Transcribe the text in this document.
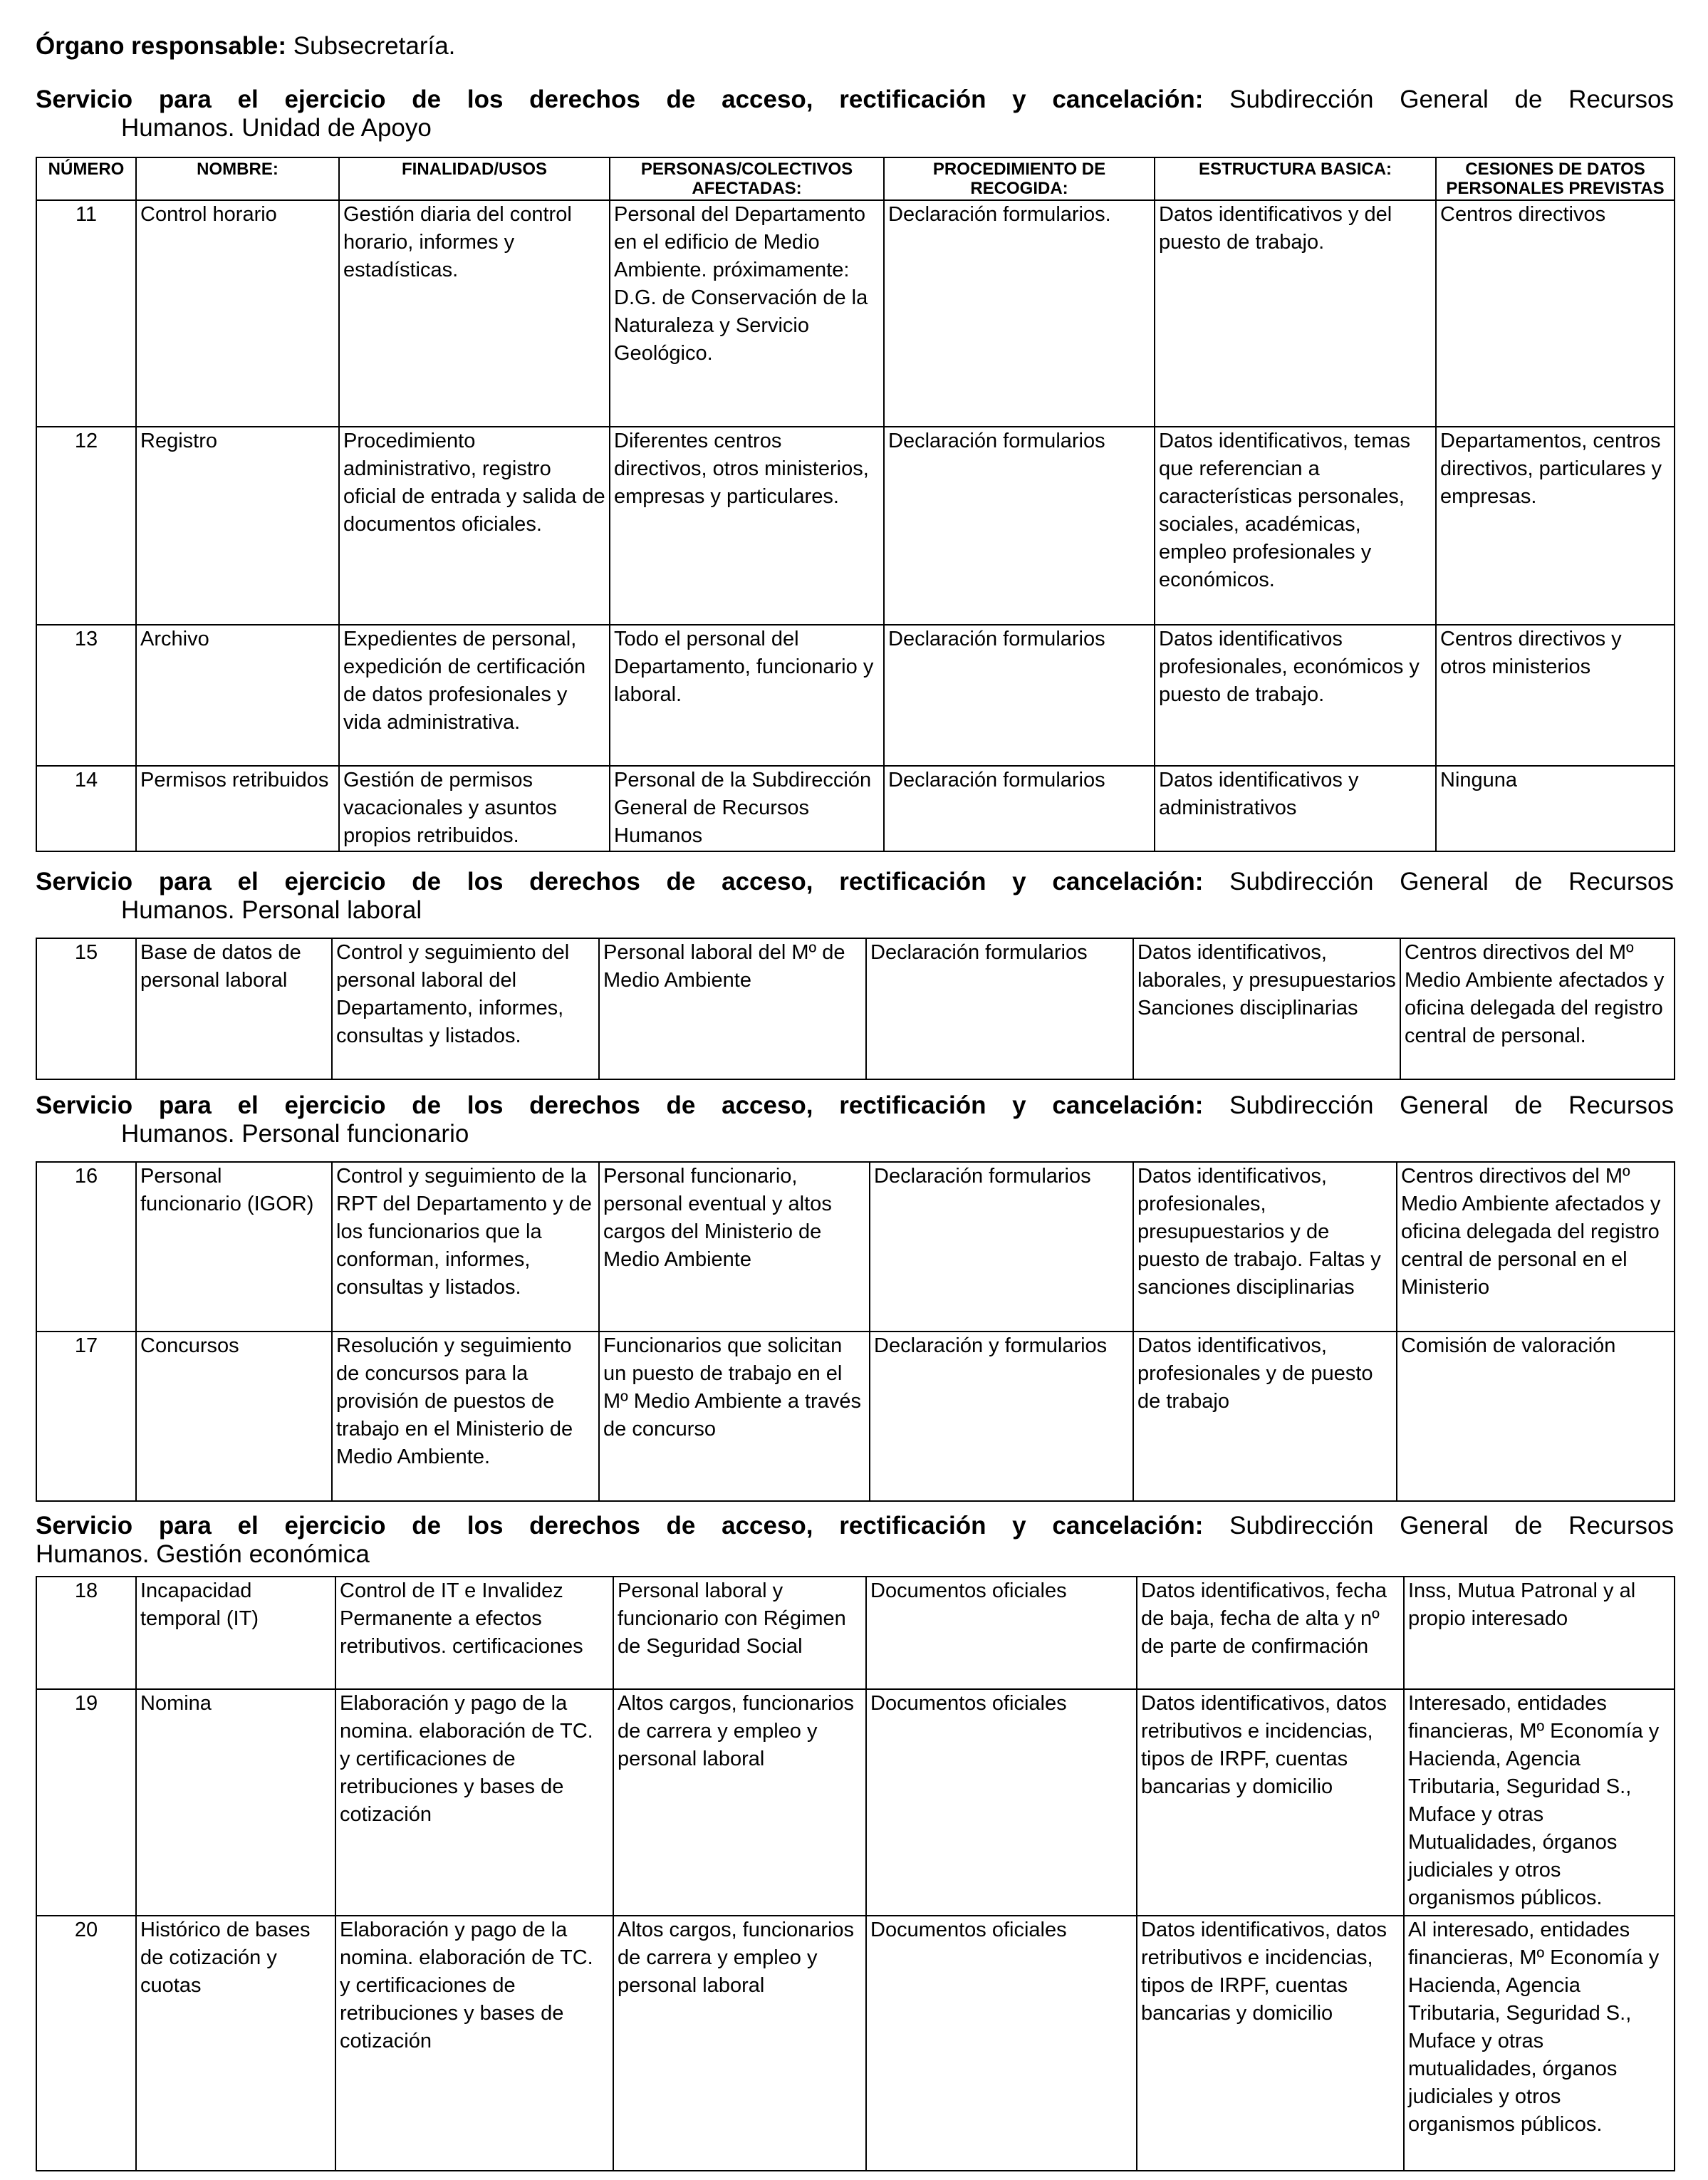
Órgano responsable: Subsecretaría.
Servicio para el ejercicio de los derechos de acceso, rectificación y cancelación: Subdirección General de Recursos
Humanos. Unidad de Apoyo
NÚMERO	NOMBRE:	FINALIDAD/USOS	PERSONAS/COLECTIVOS AFECTADAS:	PROCEDIMIENTO DE RECOGIDA:	ESTRUCTURA BASICA:	CESIONES DE DATOS PERSONALES PREVISTAS
11	Control horario	Gestión diaria del control horario, informes y estadísticas.	Personal del Departamento en el edificio de Medio Ambiente. próximamente: D.G. de Conservación de la Naturaleza y Servicio Geológico.	Declaración formularios.	Datos identificativos y del puesto de trabajo.	Centros directivos
12	Registro	Procedimiento administrativo, registro oficial de entrada y salida de documentos oficiales.	Diferentes centros directivos, otros ministerios, empresas y particulares.	Declaración formularios	Datos identificativos, temas que referencian a características personales, sociales, académicas, empleo profesionales y económicos.	Departamentos, centros directivos, particulares y empresas.
13	Archivo	Expedientes de personal, expedición de certificación de datos profesionales y vida administrativa.	Todo el personal del Departamento, funcionario y laboral.	Declaración formularios	Datos identificativos profesionales, económicos y puesto de trabajo.	Centros directivos y otros ministerios
14	Permisos retribuidos	Gestión de permisos vacacionales y asuntos propios retribuidos.	Personal de la Subdirección General de Recursos Humanos	Declaración formularios	Datos identificativos y administrativos	Ninguna
Servicio para el ejercicio de los derechos de acceso, rectificación y cancelación: Subdirección General de Recursos
Humanos. Personal laboral
15	Base de datos de personal laboral	Control y seguimiento del personal laboral del Departamento, informes, consultas y listados.	Personal laboral del Mº de Medio Ambiente	Declaración formularios	Datos identificativos, laborales, y presupuestarios Sanciones disciplinarias	Centros directivos del Mº Medio Ambiente afectados y oficina delegada del registro central de personal.
Servicio para el ejercicio de los derechos de acceso, rectificación y cancelación: Subdirección General de Recursos
Humanos. Personal funcionario
16	Personal funcionario (IGOR)	Control y seguimiento de la RPT del Departamento y de los funcionarios que la conforman, informes, consultas y listados.	Personal funcionario, personal eventual y altos cargos del Ministerio de Medio Ambiente	Declaración formularios	Datos identificativos, profesionales, presupuestarios y de puesto de trabajo. Faltas y sanciones disciplinarias	Centros directivos del Mº Medio Ambiente afectados y oficina delegada del registro central de personal en el Ministerio
17	Concursos	Resolución y seguimiento de concursos para la provisión de puestos de trabajo en el Ministerio de Medio Ambiente.	Funcionarios que solicitan un puesto de trabajo en el Mº Medio Ambiente a través de concurso	Declaración y formularios	Datos identificativos, profesionales y de puesto de trabajo	Comisión de valoración
Servicio para el ejercicio de los derechos de acceso, rectificación y cancelación: Subdirección General de Recursos
Humanos. Gestión económica
18	Incapacidad temporal (IT)	Control de IT e Invalidez Permanente a efectos retributivos. certificaciones	Personal laboral y funcionario con Régimen de Seguridad Social	Documentos oficiales	Datos identificativos, fecha de baja, fecha de alta y nº de parte de confirmación	Inss, Mutua Patronal y al propio interesado
19	Nomina	Elaboración y pago de la nomina. elaboración de TC. y certificaciones de retribuciones y bases de cotización	Altos cargos, funcionarios de carrera y empleo y personal laboral	Documentos oficiales	Datos identificativos, datos retributivos e incidencias, tipos de IRPF, cuentas bancarias y domicilio	Interesado, entidades financieras, Mº Economía y Hacienda, Agencia Tributaria, Seguridad S., Muface y otras Mutualidades, órganos judiciales y otros organismos públicos.
20	Histórico de bases de cotización y cuotas	Elaboración y pago de la nomina. elaboración de TC. y certificaciones de retribuciones y bases de cotización	Altos cargos, funcionarios de carrera y empleo y personal laboral	Documentos oficiales	Datos identificativos, datos retributivos e incidencias, tipos de IRPF, cuentas bancarias y domicilio	Al interesado, entidades financieras, Mº Economía y Hacienda, Agencia Tributaria, Seguridad S., Muface y otras mutualidades, órganos judiciales y otros organismos públicos.
